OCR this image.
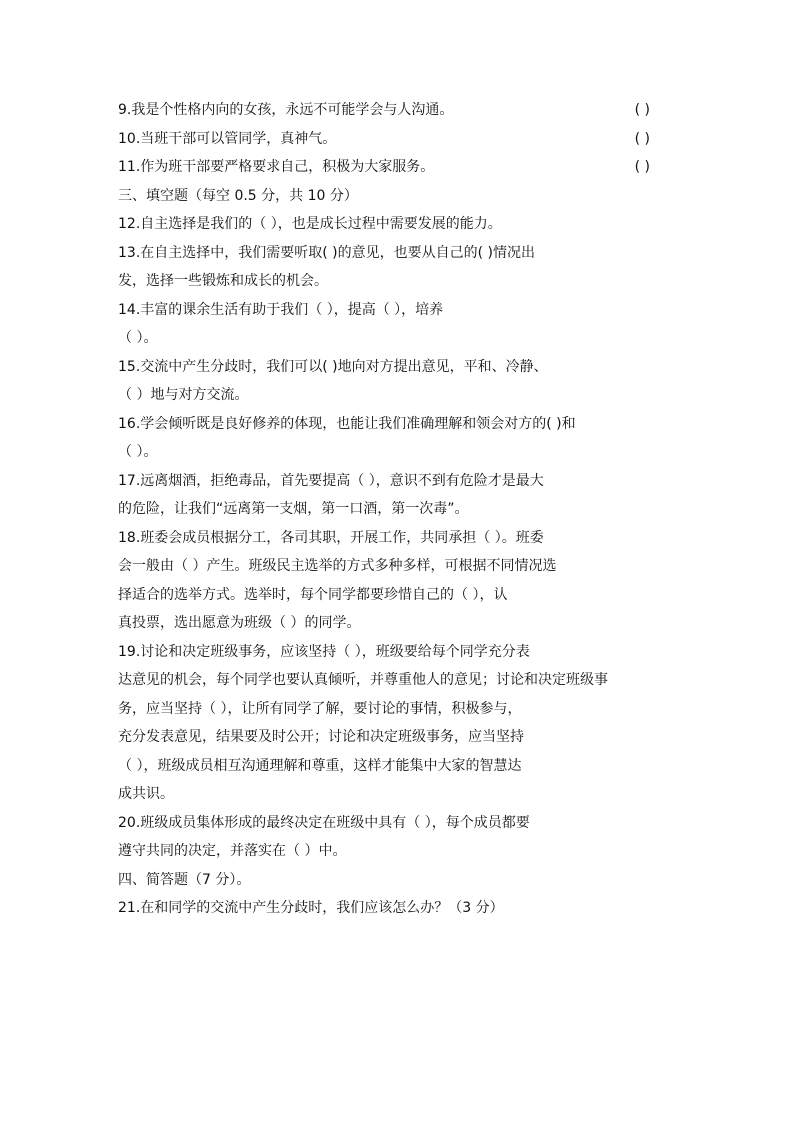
9.我是个性格内向的女孩，永远不可能学会与人沟通。	( )
10.当班干部可以管同学，真神气。	( )
11.作为班干部要严格要求自己，积极为大家服务。	( )
三、填空题（每空 0.5 分，共 10 分）
12.自主选择是我们的（ ），也是成长过程中需要发展的能力。
13.在自主选择中，我们需要听取( )的意见，也要从自己的( )情况出
发，选择一些锻炼和成长的机会。
14.丰富的课余生活有助于我们（ ），提高（ ），培养
（ ）。
15.交流中产生分歧时，我们可以( )地向对方提出意见，平和、冷静、
（ ）地与对方交流。
16.学会倾听既是良好修养的体现，也能让我们准确理解和领会对方的( )和
（ ）。
17.远离烟酒，拒绝毒品，首先要提高（ ），意识不到有危险才是最大
的危险，让我们“远离第一支烟，第一口酒，第一次毒”。
18.班委会成员根据分工，各司其职，开展工作，共同承担（ ）。班委
会一般由（ ）产生。班级民主选举的方式多种多样，可根据不同情况选
择适合的选举方式。选举时，每个同学都要珍惜自己的（ ），认
真投票，选出愿意为班级（ ）的同学。
19.讨论和决定班级事务，应该坚持（ ），班级要给每个同学充分表
达意见的机会，每个同学也要认真倾听，并尊重他人的意见；讨论和决定班级事
务，应当坚持（ ），让所有同学了解，要讨论的事情，积极参与，
充分发表意见，结果要及时公开；讨论和决定班级事务，应当坚持
（ ），班级成员相互沟通理解和尊重，这样才能集中大家的智慧达
成共识。
20.班级成员集体形成的最终决定在班级中具有（ ），每个成员都要
遵守共同的决定，并落实在（ ）中。
四、简答题（7 分）。
21.在和同学的交流中产生分歧时，我们应该怎么办？（3 分）
